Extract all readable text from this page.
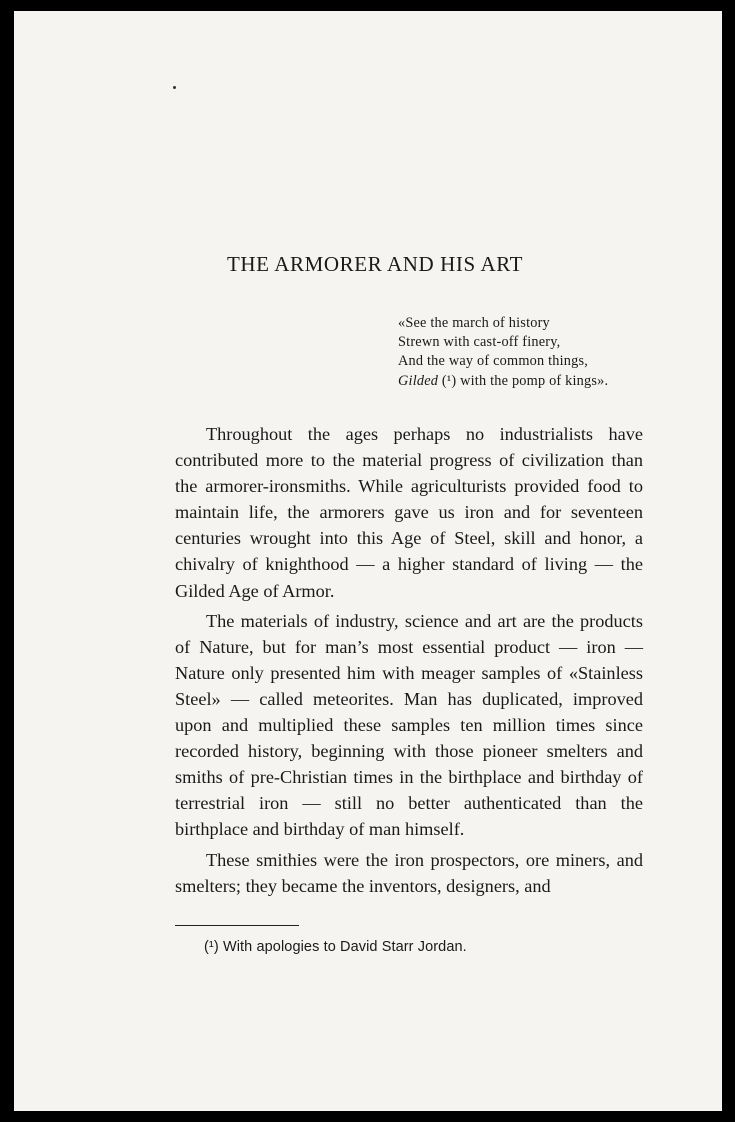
THE ARMORER AND HIS ART
«See the march of history
Strewn with cast-off finery,
And the way of common things,
Gilded (¹) with the pomp of kings».

Throughout the ages perhaps no industrialists have contributed more to the material progress of civilization than the armorer-ironsmiths. While agriculturists provided food to maintain life, the armorers gave us iron and for seventeen centuries wrought into this Age of Steel, skill and honor, a chivalry of knighthood — a higher standard of living — the Gilded Age of Armor.

The materials of industry, science and art are the products of Nature, but for man’s most essential product — iron — Nature only presented him with meager samples of «Stainless Steel» — called meteorites. Man has duplicated, improved upon and multiplied these samples ten million times since recorded history, beginning with those pioneer smelters and smiths of pre-Christian times in the birthplace and birthday of terrestrial iron — still no better authenticated than the birthplace and birthday of man himself.

These smithies were the iron prospectors, ore miners, and smelters; they became the inventors, designers, and

(¹) With apologies to David Starr Jordan.
